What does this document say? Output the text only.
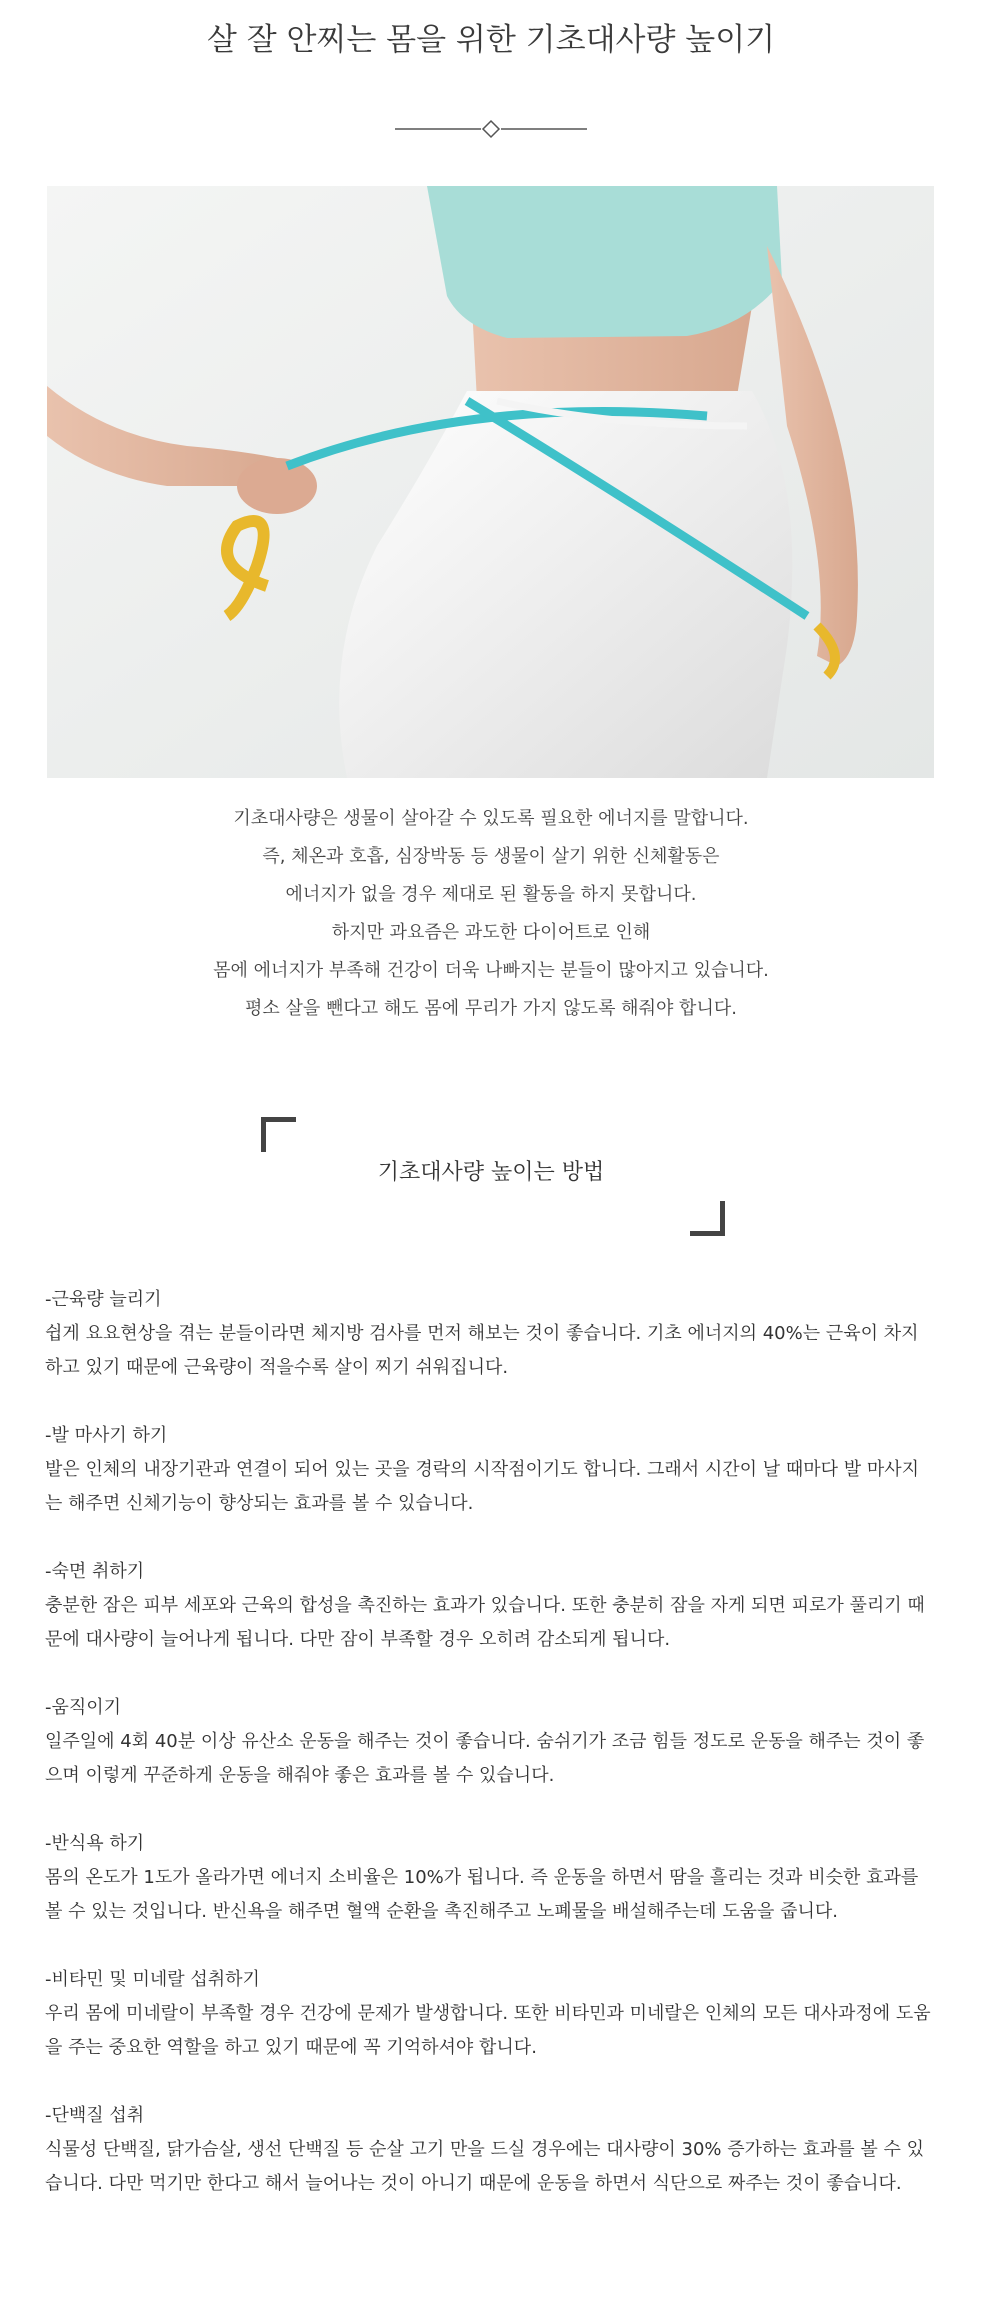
살 잘 안찌는 몸을 위한 기초대사량 높이기

기초대사량은 생물이 살아갈 수 있도록 필요한 에너지를 말합니다.

즉, 체온과 호흡, 심장박동 등 생물이 살기 위한 신체활동은

에너지가 없을 경우 제대로 된 활동을 하지 못합니다.

하지만 과요즘은 과도한 다이어트로 인해

몸에 에너지가 부족해 건강이 더욱 나빠지는 분들이 많아지고 있습니다.

평소 살을 뺀다고 해도 몸에 무리가 가지 않도록 해줘야 합니다.

기초대사량 높이는 방법
-근육량 늘리기
쉽게 요요현상을 겪는 분들이라면 체지방 검사를 먼저 해보는 것이 좋습니다. 기초 에너지의 40%는 근육이 차지하고 있기 때문에 근육량이 적을수록 살이 찌기 쉬워집니다.
-발 마사기 하기
발은 인체의 내장기관과 연결이 되어 있는 곳을 경락의 시작점이기도 합니다. 그래서 시간이 날 때마다 발 마사지는 해주면 신체기능이 향상되는 효과를 볼 수 있습니다.
-숙면 취하기
충분한 잠은 피부 세포와 근육의 합성을 촉진하는 효과가 있습니다. 또한 충분히 잠을 자게 되면 피로가 풀리기 때문에 대사량이 늘어나게 됩니다. 다만 잠이 부족할 경우 오히려 감소되게 됩니다.
-움직이기
일주일에 4회 40분 이상 유산소 운동을 해주는 것이 좋습니다. 숨쉬기가 조금 힘들 정도로 운동을 해주는 것이 좋으며 이렇게 꾸준하게 운동을 해줘야 좋은 효과를 볼 수 있습니다.
-반식욕 하기
몸의 온도가 1도가 올라가면 에너지 소비율은 10%가 됩니다. 즉 운동을 하면서 땀을 흘리는 것과 비슷한 효과를 볼 수 있는 것입니다. 반신욕을 해주면 혈액 순환을 촉진해주고 노폐물을 배설해주는데 도움을 줍니다.
-비타민 및 미네랄 섭취하기
우리 몸에 미네랄이 부족할 경우 건강에 문제가 발생합니다. 또한 비타민과 미네랄은 인체의 모든 대사과정에 도움을 주는 중요한 역할을 하고 있기 때문에 꼭 기억하셔야 합니다.
-단백질 섭취
식물성 단백질, 닭가슴살, 생선 단백질 등 순살 고기 만을 드실 경우에는 대사량이 30% 증가하는 효과를 볼 수 있습니다. 다만 먹기만 한다고 해서 늘어나는 것이 아니기 때문에 운동을 하면서 식단으로 짜주는 것이 좋습니다.
